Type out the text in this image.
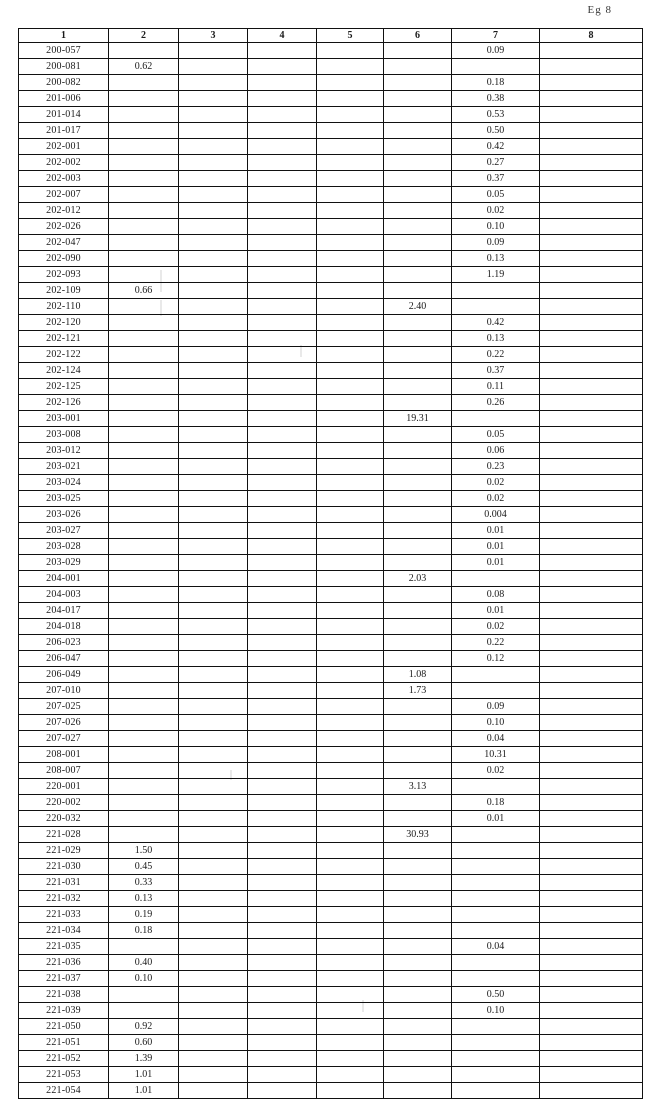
Eg 8
1	2	3	4	5	6	7	8
200-057						0.09	
200-081	0.62						
200-082						0.18	
201-006						0.38	
201-014						0.53	
201-017						0.50	
202-001						0.42	
202-002						0.27	
202-003						0.37	
202-007						0.05	
202-012						0.02	
202-026						0.10	
202-047						0.09	
202-090						0.13	
202-093						1.19	
202-109	0.66						
202-110					2.40		
202-120						0.42	
202-121						0.13	
202-122						0.22	
202-124						0.37	
202-125						0.11	
202-126						0.26	
203-001					19.31		
203-008						0.05	
203-012						0.06	
203-021						0.23	
203-024						0.02	
203-025						0.02	
203-026						0.004	
203-027						0.01	
203-028						0.01	
203-029						0.01	
204-001					2.03		
204-003						0.08	
204-017						0.01	
204-018						0.02	
206-023						0.22	
206-047						0.12	
206-049					1.08		
207-010					1.73		
207-025						0.09	
207-026						0.10	
207-027						0.04	
208-001						10.31	
208-007						0.02	
220-001					3.13		
220-002						0.18	
220-032						0.01	
221-028					30.93		
221-029	1.50						
221-030	0.45						
221-031	0.33						
221-032	0.13						
221-033	0.19						
221-034	0.18						
221-035						0.04	
221-036	0.40						
221-037	0.10						
221-038						0.50	
221-039						0.10	
221-050	0.92						
221-051	0.60						
221-052	1.39						
221-053	1.01						
221-054	1.01						
